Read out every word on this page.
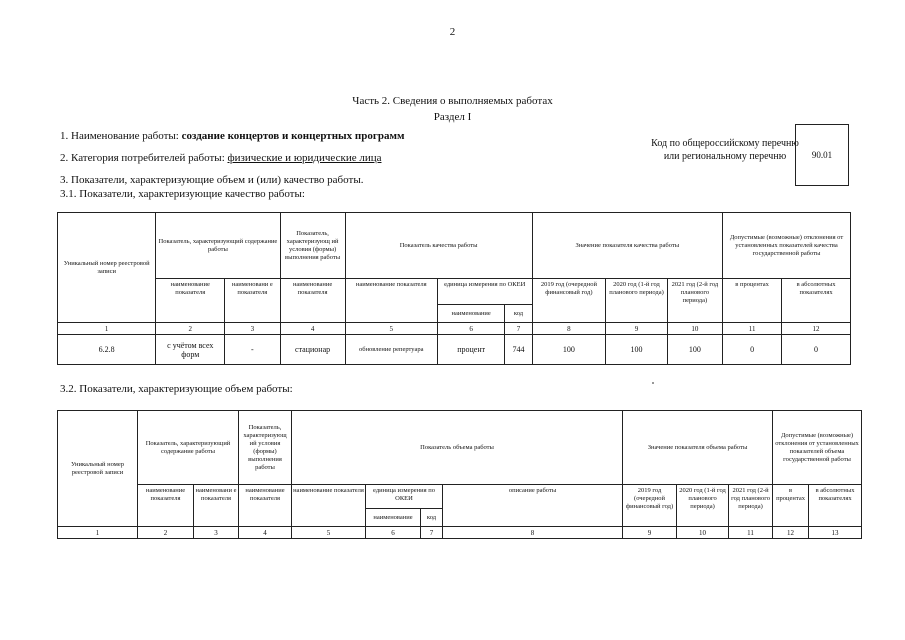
2
Часть 2. Сведения о выполняемых работах
Раздел I
1. Наименование работы: создание концертов и концертных программ
2. Категория потребителей работы: физические и юридические лица
3. Показатели, характеризующие объем и (или) качество работы.
3.1. Показатели, характеризующие качество работы:
Код по общероссийскому перечню или региональному перечню	90.01
Уникальный номер реестровой записи	Показатель, характеризующий содержание работы		Показатель, характеризующ ий условия (формы) выполнения работы	Показатель качества работы			Значение показателя качества работы			Допустимые (возможные) отклонения от установленных показателей качества государственной работы	
	наименование показателя	наименовани е показателя	наименование показателя	наименование показателя	единица измерения по ОКЕИ		2019 год (очередной финансовый год)	2020 год (1-й год планового периода)	2021 год (2-й год планового периода)	в процентах	в абсолютных показателях
					наименование	код					
1	2	3	4	5	6	7	8	9	10	11	12
6.2.8	с учётом всех форм	-	стационар	обновление репертуара	процент	744	100	100	100	0	0
3.2. Показатели, характеризующие объем работы:
Уникальный номер реестровой записи	Показатель, характеризующий содержание работы		Показатель, характеризующ ий условия (формы) выполнения работы	Показатель объема работы				Значение показателя объема работы			Допустимые (возможные) отклонения от установленных показателей объема государственной работы	
	наименование показателя	наименовани е показателя	наименование показателя	наименование показателя	единица измерения по ОКЕИ		описание работы	2019 год (очередной финансовый год)	2020 год (1-й год планового периода)	2021 год (2-й год планового периода)	в процентах	в абсолютных показателях
					наименование	код						
1	2	3	4	5	6	7	8	9	10	11	12	13
